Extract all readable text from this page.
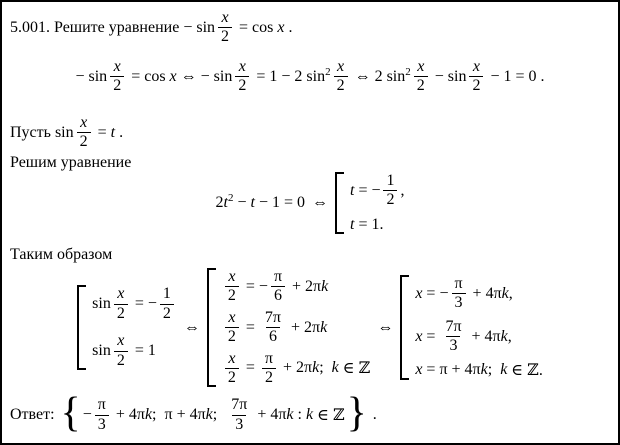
5.001. Решите уравнение − $\sin \frac{x}{2} = \cos x$ .
− $\sin \frac{x}{2} = \cos x$ ⇔ − $\sin \frac{x}{2} = 1 - 2$ $\sin 2 \frac{x}{2}$ ⇔ 2 $\sin 2 \frac{x}{2} - \sin \frac{x}{2} - 1 = 0$ .
Пусть $\sin \frac{x}{2} = t$ .
Решим уравнение
2 t 2 − t − 1 = 0 ⇔
t = − $\frac{1}{2}$ ,
t = 1.
Таким образом
$\sin \frac{x}{2}$ = − $\frac{1}{2}$
$\sin \frac{x}{2} = 1$
⇔
$\frac{x}{2}$ = − $\frac{\pi}{6} + 2\pi$ k
$\frac{x}{2} = \frac{7\pi}{6} + 2\pi$ k
$\frac{x}{2} = \frac{\pi}{2} + 2\pi$ k ; k ∈ ℤ
⇔
x = − $\frac{\pi}{3} + 4\pi$ k ,
$x = \frac{7\pi}{3} + 4\pi$ k ,
x = π + 4π k ; k ∈ ℤ.
Ответ: { − $\frac{\pi}{3} + 4\pi$ k ;  π + 4π k ; $\frac{7\pi}{3} + 4\pi$ k : k ∈ ℤ } .
